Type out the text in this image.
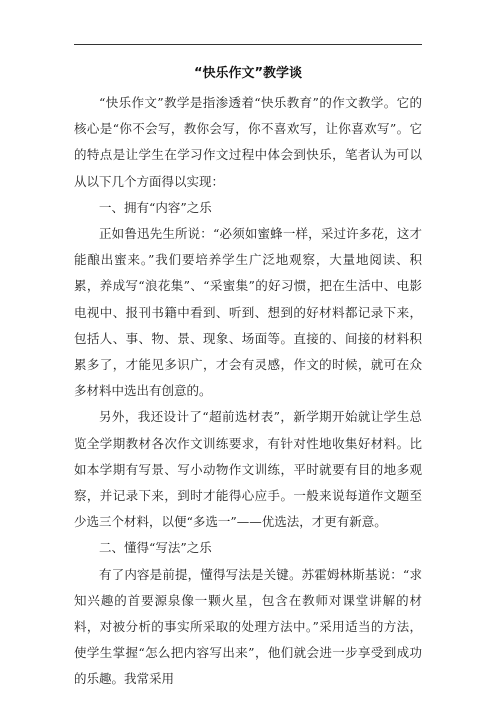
“快乐作文”教学谈

“快乐作文”教学是指渗透着“快乐教育”的作文教学。它的核心是“你不会写，教你会写，你不喜欢写，让你喜欢写”。它的特点是让学生在学习作文过程中体会到快乐，笔者认为可以从以下几个方面得以实现：

一、拥有“内容”之乐

正如鲁迅先生所说：“必须如蜜蜂一样，采过许多花，这才能酿出蜜来。”我们要培养学生广泛地观察，大量地阅读、积累，养成写“浪花集”、“采蜜集”的好习惯，把在生活中、电影电视中、报刊书籍中看到、听到、想到的好材料都记录下来，包括人、事、物、景、现象、场面等。直接的、间接的材料积累多了，才能见多识广，才会有灵感，作文的时候，就可在众多材料中选出有创意的。

另外，我还设计了“超前选材表”，新学期开始就让学生总览全学期教材各次作文训练要求，有针对性地收集好材料。比如本学期有写景、写小动物作文训练，平时就要有目的地多观察，并记录下来，到时才能得心应手。一般来说每道作文题至少选三个材料，以便“多选一”——优选法，才更有新意。

二、懂得“写法”之乐

有了内容是前提，懂得写法是关键。苏霍姆林斯基说：“求知兴趣的首要源泉像一颗火星，包含在教师对课堂讲解的材料，对被分析的事实所采取的处理方法中。”采用适当的方法，使学生掌握“怎么把内容写出来”，他们就会进一步享受到成功的乐趣。我常采用
